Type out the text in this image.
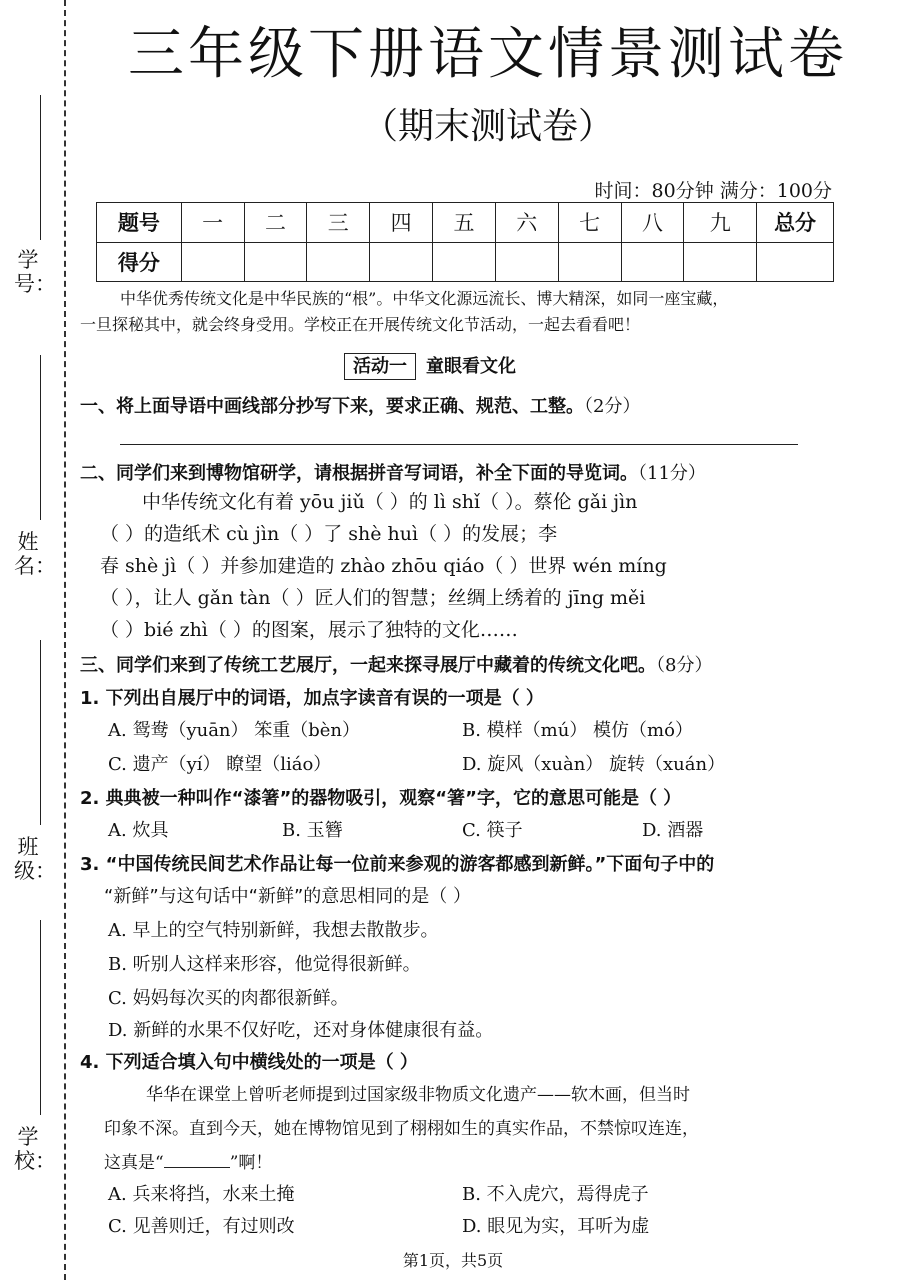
学号：
姓名：
班级：
学校：
三年级下册语文情景测试卷
（期末测试卷）
时间：80分钟 满分：100分
题号	一	二	三	四	五	六	七	八	九	总分
得分										
中华优秀传统文化是中华民族的“根”。中华文化源远流长、博大精深，如同一座宝藏，
一旦探秘其中，就会终身受用。学校正在开展传统文化节活动，一起去看看吧！
活动一 童眼看文化
一、将上面导语中画线部分抄写下来，要求正确、规范、工整。（2分）
二、同学们来到博物馆研学，请根据拼音写词语，补全下面的导览词。（11分）
中华传统文化有着 yōu jiǔ（ ）的 lì shǐ（ ）。蔡伦 gǎi jìn
（ ）的造纸术 cù jìn（ ）了 shè huì（ ）的发展；李
春 shè jì（ ）并参加建造的 zhào zhōu qiáo（ ）世界 wén míng
（ ），让人 gǎn tàn（ ）匠人们的智慧；丝绸上绣着的 jīng měi
（ ）bié zhì（ ）的图案，展示了独特的文化……
三、同学们来到了传统工艺展厅，一起来探寻展厅中藏着的传统文化吧。（8分）
1. 下列出自展厅中的词语，加点字读音有误的一项是（ ）
A. 鸳鸯（yuān） 笨重（bèn）	B. 模样（mú） 模仿（mó）
C. 遗产（yí） 瞭望（liáo）	D. 旋风（xuàn） 旋转（xuán）
2. 典典被一种叫作“漆箸”的器物吸引，观察“箸”字，它的意思可能是（ ）
A. 炊具	B. 玉簪	C. 筷子	D. 酒器
3. “中国传统民间艺术作品让每一位前来参观的游客都感到新鲜。”下面句子中的
“新鲜”与这句话中“新鲜”的意思相同的是（ ）
A. 早上的空气特别新鲜，我想去散散步。
B. 听别人这样来形容，他觉得很新鲜。
C. 妈妈每次买的肉都很新鲜。
D. 新鲜的水果不仅好吃，还对身体健康很有益。
4. 下列适合填入句中横线处的一项是（ ）
华华在课堂上曾听老师提到过国家级非物质文化遗产——软木画，但当时
印象不深。直到今天，她在博物馆见到了栩栩如生的真实作品，不禁惊叹连连，
这真是“	”啊！
A. 兵来将挡，水来土掩	B. 不入虎穴，焉得虎子
C. 见善则迁，有过则改	D. 眼见为实，耳听为虚
第1页，共5页
